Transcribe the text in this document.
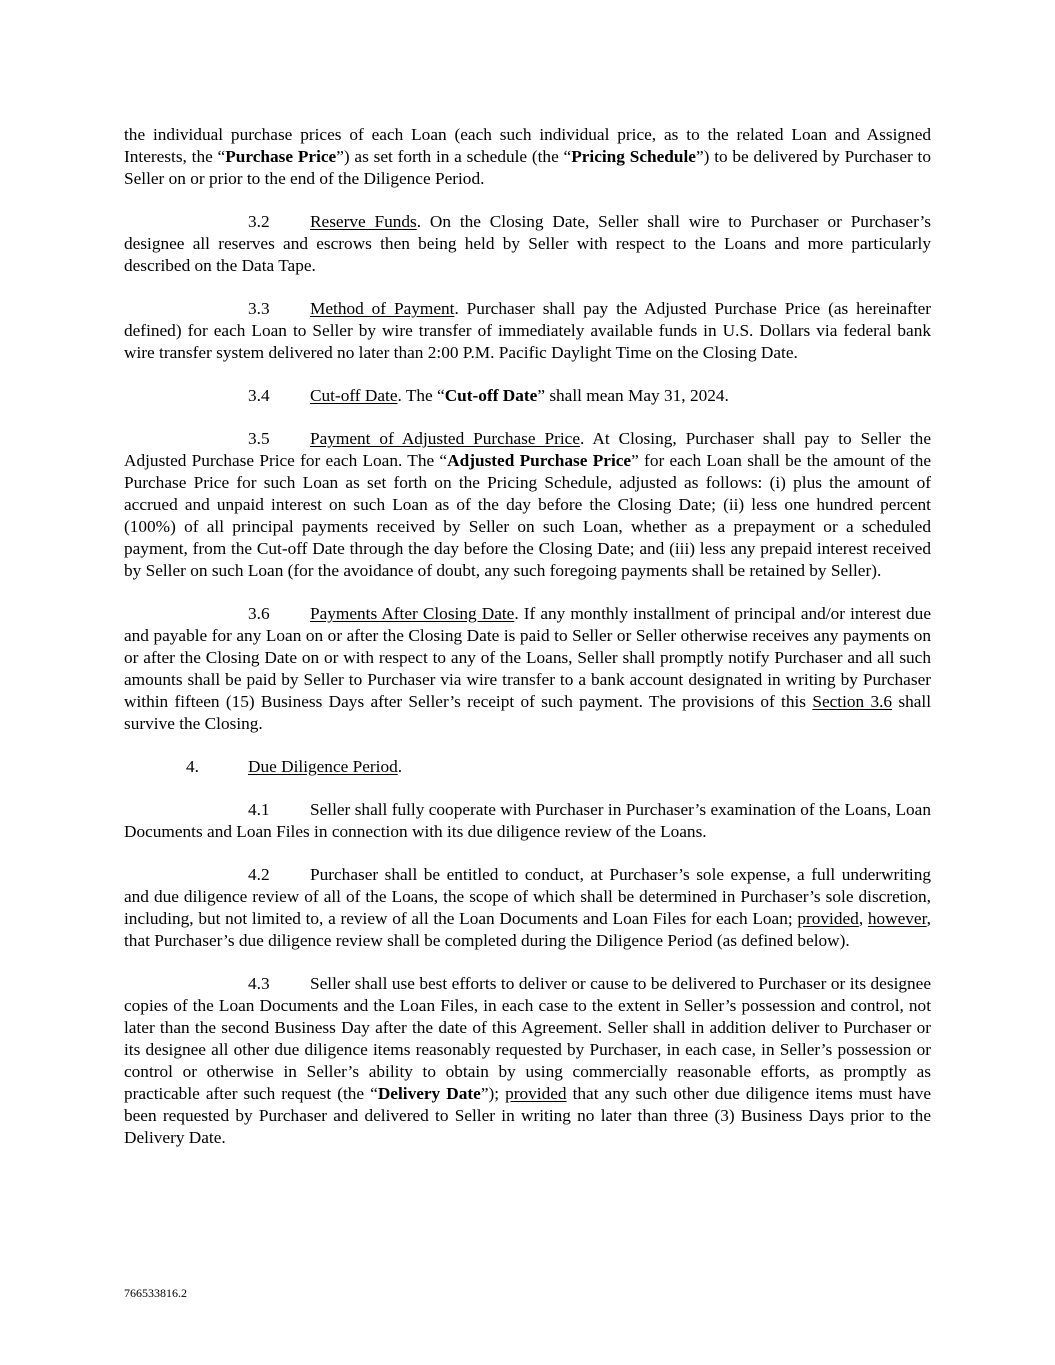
the individual purchase prices of each Loan (each such individual price, as to the related Loan and Assigned Interests, the “Purchase Price”) as set forth in a schedule (the “Pricing Schedule”) to be delivered by Purchaser to Seller on or prior to the end of the Diligence Period.

3.2 Reserve Funds. On the Closing Date, Seller shall wire to Purchaser or Purchaser’s designee all reserves and escrows then being held by Seller with respect to the Loans and more particularly described on the Data Tape.

3.3 Method of Payment. Purchaser shall pay the Adjusted Purchase Price (as hereinafter defined) for each Loan to Seller by wire transfer of immediately available funds in U.S. Dollars via federal bank wire transfer system delivered no later than 2:00 P.M. Pacific Daylight Time on the Closing Date.

3.4 Cut-off Date. The “Cut-off Date” shall mean May 31, 2024.

3.5 Payment of Adjusted Purchase Price. At Closing, Purchaser shall pay to Seller the Adjusted Purchase Price for each Loan. The “Adjusted Purchase Price” for each Loan shall be the amount of the Purchase Price for such Loan as set forth on the Pricing Schedule, adjusted as follows: (i) plus the amount of accrued and unpaid interest on such Loan as of the day before the Closing Date; (ii) less one hundred percent (100%) of all principal payments received by Seller on such Loan, whether as a prepayment or a scheduled payment, from the Cut-off Date through the day before the Closing Date; and (iii) less any prepaid interest received by Seller on such Loan (for the avoidance of doubt, any such foregoing payments shall be retained by Seller).

3.6 Payments After Closing Date. If any monthly installment of principal and/or interest due and payable for any Loan on or after the Closing Date is paid to Seller or Seller otherwise receives any payments on or after the Closing Date on or with respect to any of the Loans, Seller shall promptly notify Purchaser and all such amounts shall be paid by Seller to Purchaser via wire transfer to a bank account designated in writing by Purchaser within fifteen (15) Business Days after Seller’s receipt of such payment. The provisions of this Section 3.6 shall survive the Closing.

4.	Due Diligence Period.

4.1 Seller shall fully cooperate with Purchaser in Purchaser’s examination of the Loans, Loan Documents and Loan Files in connection with its due diligence review of the Loans.

4.2 Purchaser shall be entitled to conduct, at Purchaser’s sole expense, a full underwriting and due diligence review of all of the Loans, the scope of which shall be determined in Purchaser’s sole discretion, including, but not limited to, a review of all the Loan Documents and Loan Files for each Loan; provided, however, that Purchaser’s due diligence review shall be completed during the Diligence Period (as defined below).

4.3 Seller shall use best efforts to deliver or cause to be delivered to Purchaser or its designee copies of the Loan Documents and the Loan Files, in each case to the extent in Seller’s possession and control, not later than the second Business Day after the date of this Agreement. Seller shall in addition deliver to Purchaser or its designee all other due diligence items reasonably requested by Purchaser, in each case, in Seller’s possession or control or otherwise in Seller’s ability to obtain by using commercially reasonable efforts, as promptly as practicable after such request (the “Delivery Date”); provided that any such other due diligence items must have been requested by Purchaser and delivered to Seller in writing no later than three (3) Business Days prior to the Delivery Date.

766533816.2
